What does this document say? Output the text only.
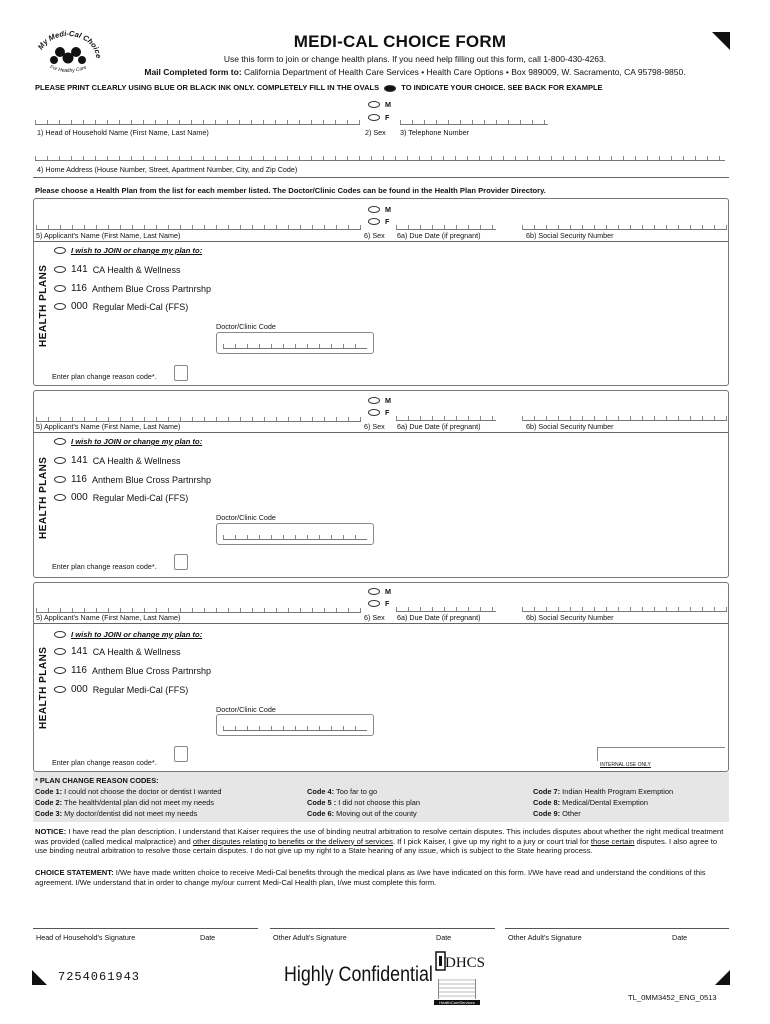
My Medi-Cal Choice
For Healthy Care
MEDI-CAL CHOICE FORM
Use this form to join or change health plans. If you need help filling out this form, call 1-800-430-4263.
Mail Completed form to: California Department of Health Care Services • Health Care Options • Box 989009, W. Sacramento, CA 95798-9850.
PLEASE PRINT CLEARLY USING BLUE OR BLACK INK ONLY. COMPLETELY FILL IN THE OVALS	TO INDICATE YOUR CHOICE. SEE BACK FOR EXAMPLE
1) Head of Household Name (First Name, Last Name)
M
F
2) Sex 3) Telephone Number
4) Home Address (House Number, Street, Apartment Number, City, and Zip Code)
Please choose a Health Plan from the list for each member listed. The Doctor/Clinic Codes can be found in the Health Plan Provider Directory.
5) Applicant's Name (First Name, Last Name)
M
F
6) Sex 6a) Due Date (if pregnant)	6b) Social Security Number
HEALTH PLANS
I wish to JOIN or change my plan to:
141 CA Health & Wellness
116 Anthem Blue Cross Partnrshp
000 Regular Medi-Cal (FFS)
Doctor/Clinic Code
Enter plan change reason code*.
5) Applicant's Name (First Name, Last Name)
M
F
6) Sex 6a) Due Date (if pregnant)	6b) Social Security Number
HEALTH PLANS
I wish to JOIN or change my plan to:
141 CA Health & Wellness
116 Anthem Blue Cross Partnrshp
000 Regular Medi-Cal (FFS)
Doctor/Clinic Code
Enter plan change reason code*.
5) Applicant's Name (First Name, Last Name)
M
F
6) Sex 6a) Due Date (if pregnant)	6b) Social Security Number
HEALTH PLANS
I wish to JOIN or change my plan to:
141 CA Health & Wellness
116 Anthem Blue Cross Partnrshp
000 Regular Medi-Cal (FFS)
Doctor/Clinic Code
Enter plan change reason code*.	INTERNAL USE ONLY
* PLAN CHANGE REASON CODES:
Code 1: I could not choose the doctor or dentist I wanted
Code 2: The health/dental plan did not meet my needs
Code 3: My doctor/dentist did not meet my needs
Code 4: Too far to go
Code 5 : I did not choose this plan
Code 6: Moving out of the county
Code 7: Indian Health Program Exemption
Code 8: Medical/Dental Exemption
Code 9: Other
NOTICE: I have read the plan description. I understand that Kaiser requires the use of binding neutral arbitration to resolve certain disputes. This includes disputes about whether the right medical treatment was provided (called medical malpractice) and other disputes relating to benefits or the delivery of services. If I pick Kaiser, I give up my right to a jury or court trial for those certain disputes. I also agree to use binding neutral arbitration to resolve those certain disputes. I do not give up my right to a State hearing of any issue, which is subject to the State hearing process.
CHOICE STATEMENT: I/We have made written choice to receive Medi-Cal benefits through the medical plans as I/we have indicated on this form. I/We have read and understand the conditions of this agreement. I/We understand that in order to change my/our current Medi-Cal Health plan, I/we must complete this form.
Head of Household's Signature	Date	Other Adult's Signature	Date	Other Adult's Signature	Date
7254061943	Highly Confidential DHCS
HealthCareServices
TL_0MM3452_ENG_0513
